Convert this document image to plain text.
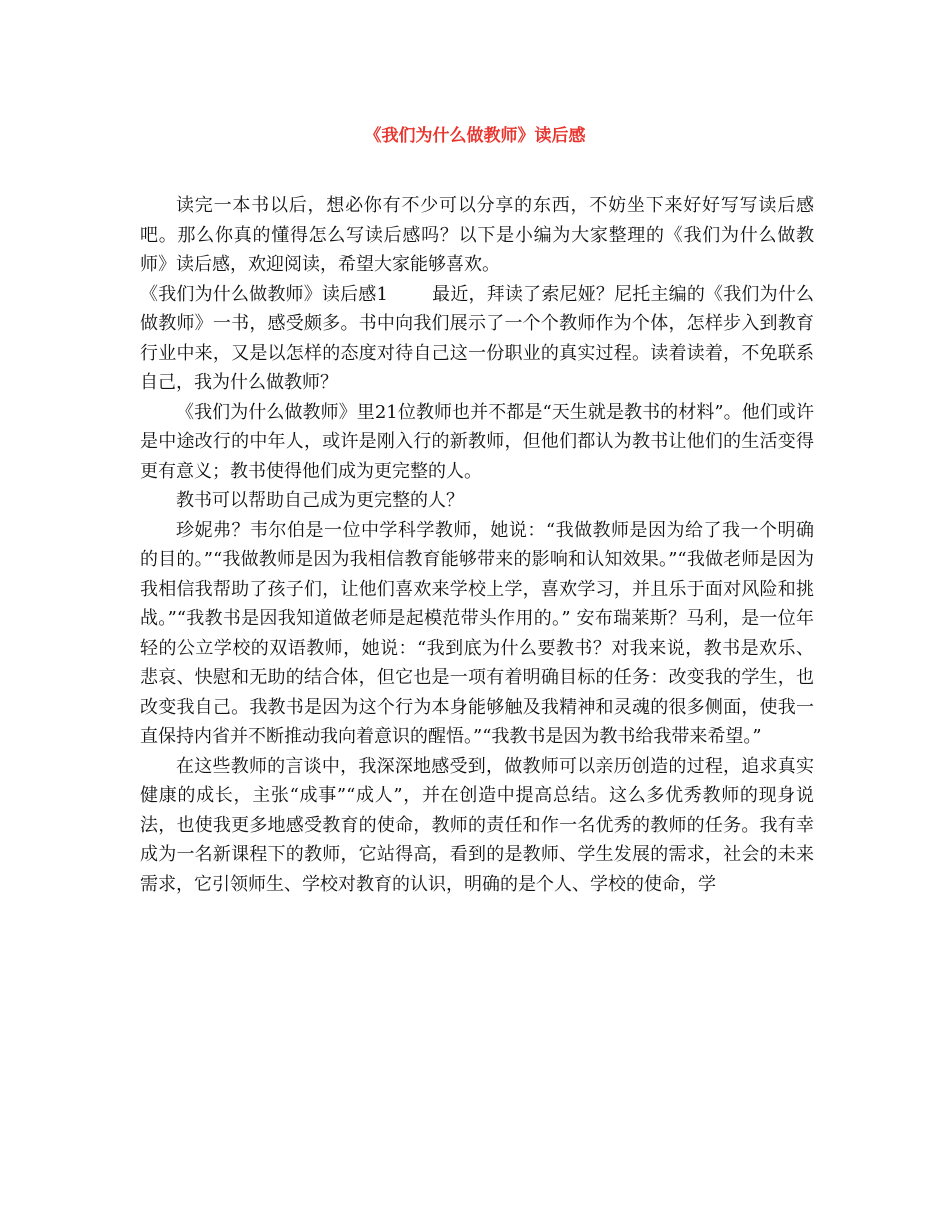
《我们为什么做教师》读后感

读完一本书以后，想必你有不少可以分享的东西，不妨坐下来好好写写读后感吧。那么你真的懂得怎么写读后感吗？以下是小编为大家整理的《我们为什么做教师》读后感，欢迎阅读，希望大家能够喜欢。

《我们为什么做教师》读后感1 最近，拜读了索尼娅？尼托主编的《我们为什么做教师》一书，感受颇多。书中向我们展示了一个个教师作为个体，怎样步入到教育行业中来，又是以怎样的态度对待自己这一份职业的真实过程。读着读着，不免联系自己，我为什么做教师？

《我们为什么做教师》里21位教师也并不都是“天生就是教书的材料”。他们或许是中途改行的中年人，或许是刚入行的新教师，但他们都认为教书让他们的生活变得更有意义；教书使得他们成为更完整的人。

教书可以帮助自己成为更完整的人？

珍妮弗？韦尔伯是一位中学科学教师，她说：“我做教师是因为给了我一个明确的目的。”“我做教师是因为我相信教育能够带来的影响和认知效果。”“我做老师是因为我相信我帮助了孩子们，让他们喜欢来学校上学，喜欢学习，并且乐于面对风险和挑战。”“我教书是因我知道做老师是起模范带头作用的。” 安布瑞莱斯？马利，是一位年轻的公立学校的双语教师，她说：“我到底为什么要教书？对我来说，教书是欢乐、悲哀、快慰和无助的结合体，但它也是一项有着明确目标的任务：改变我的学生，也改变我自己。我教书是因为这个行为本身能够触及我精神和灵魂的很多侧面，使我一直保持内省并不断推动我向着意识的醒悟。”“我教书是因为教书给我带来希望。”

在这些教师的言谈中，我深深地感受到，做教师可以亲历创造的过程，追求真实健康的成长，主张“成事”“成人”，并在创造中提高总结。这么多优秀教师的现身说法，也使我更多地感受教育的使命，教师的责任和作一名优秀的教师的任务。我有幸成为一名新课程下的教师，它站得高，看到的是教师、学生发展的需求，社会的未来需求，它引领师生、学校对教育的认识，明确的是个人、学校的使命，学
